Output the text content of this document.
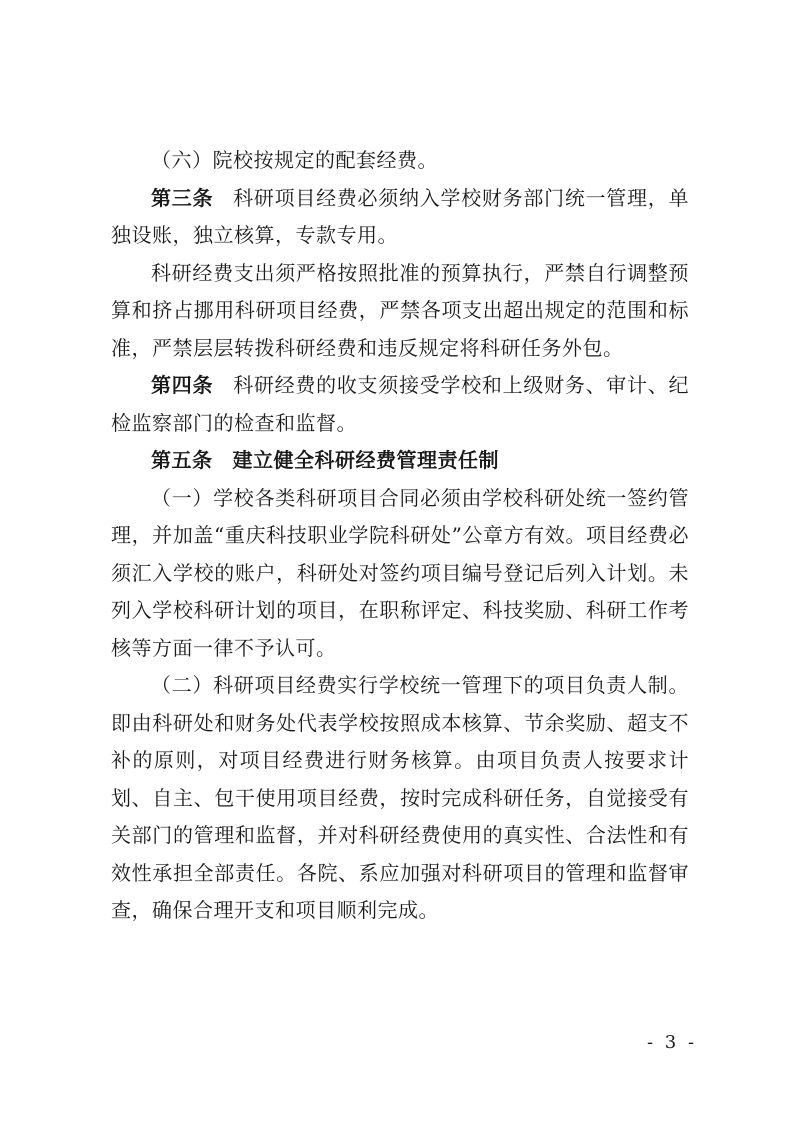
（六）院校按规定的配套经费。

第三条 科研项目经费必须纳入学校财务部门统一管理，单独设账，独立核算，专款专用。

科研经费支出须严格按照批准的预算执行，严禁自行调整预算和挤占挪用科研项目经费，严禁各项支出超出规定的范围和标准，严禁层层转拨科研经费和违反规定将科研任务外包。

第四条 科研经费的收支须接受学校和上级财务、审计、纪检监察部门的检查和监督。

第五条 建立健全科研经费管理责任制

（一）学校各类科研项目合同必须由学校科研处统一签约管理，并加盖“重庆科技职业学院科研处”公章方有效。项目经费必须汇入学校的账户，科研处对签约项目编号登记后列入计划。未列入学校科研计划的项目，在职称评定、科技奖励、科研工作考核等方面一律不予认可。

（二）科研项目经费实行学校统一管理下的项目负责人制。即由科研处和财务处代表学校按照成本核算、节余奖励、超支不补的原则，对项目经费进行财务核算。由项目负责人按要求计划、自主、包干使用项目经费，按时完成科研任务，自觉接受有关部门的管理和监督，并对科研经费使用的真实性、合法性和有效性承担全部责任。各院、系应加强对科研项目的管理和监督审查，确保合理开支和项目顺利完成。

- 3 -
